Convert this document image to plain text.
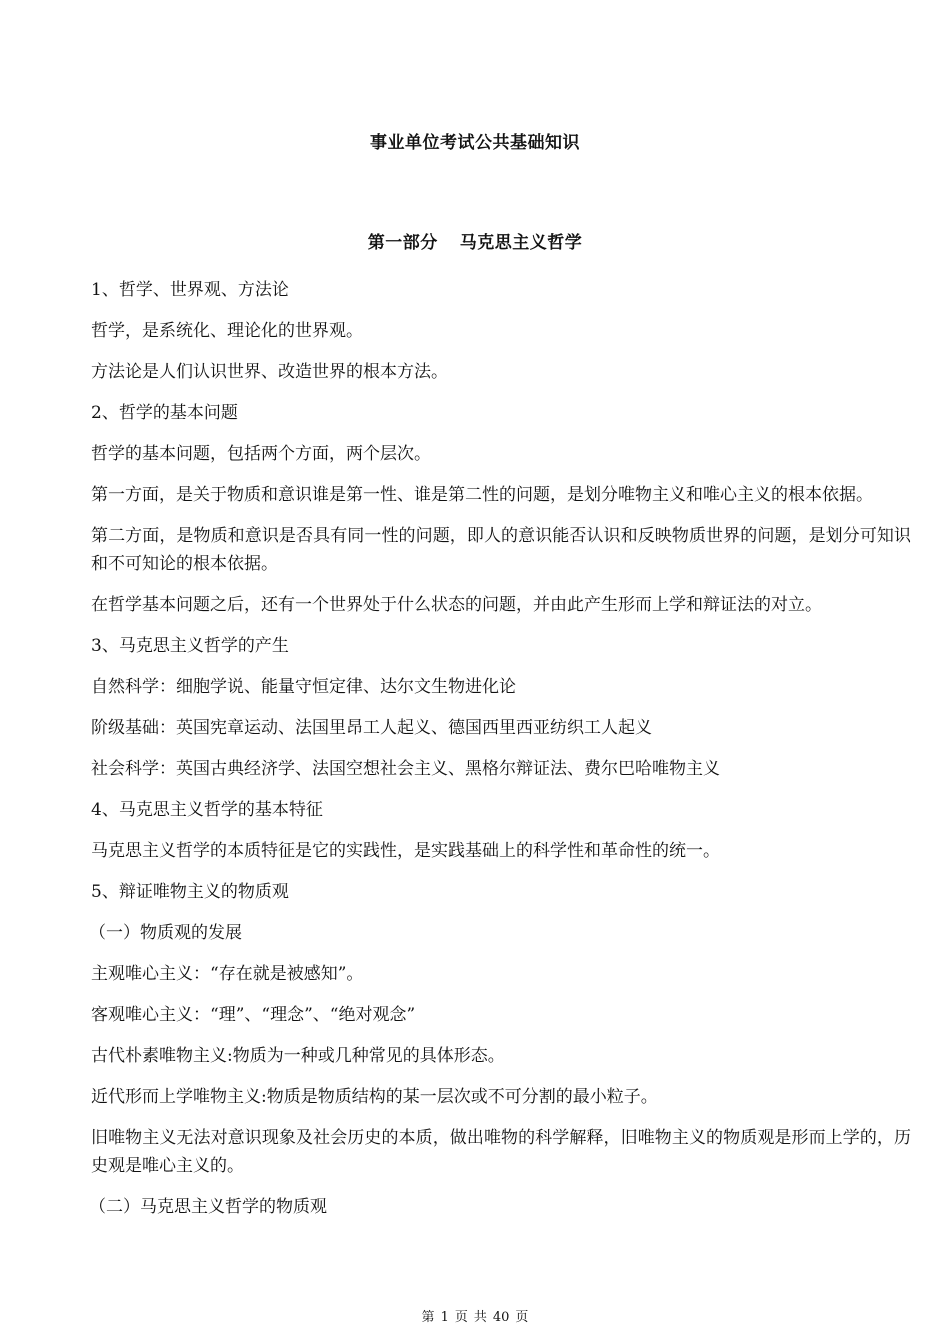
事业单位考试公共基础知识
第一部分 马克思主义哲学

1、哲学、世界观、方法论

哲学，是系统化、理论化的世界观。

方法论是人们认识世界、改造世界的根本方法。

2、哲学的基本问题

哲学的基本问题，包括两个方面，两个层次。

第一方面，是关于物质和意识谁是第一性、谁是第二性的问题，是划分唯物主义和唯心主义的根本依据。

第二方面，是物质和意识是否具有同一性的问题，即人的意识能否认识和反映物质世界的问题，是划分可知识和不可知论的根本依据。

在哲学基本问题之后，还有一个世界处于什么状态的问题，并由此产生形而上学和辩证法的对立。

3、马克思主义哲学的产生

自然科学：细胞学说、能量守恒定律、达尔文生物进化论

阶级基础：英国宪章运动、法国里昂工人起义、德国西里西亚纺织工人起义

社会科学：英国古典经济学、法国空想社会主义、黑格尔辩证法、费尔巴哈唯物主义

4、马克思主义哲学的基本特征

马克思主义哲学的本质特征是它的实践性，是实践基础上的科学性和革命性的统一。

5、辩证唯物主义的物质观

（一）物质观的发展

主观唯心主义：“存在就是被感知”。

客观唯心主义：“理”、“理念”、“绝对观念”

古代朴素唯物主义:物质为一种或几种常见的具体形态。

近代形而上学唯物主义:物质是物质结构的某一层次或不可分割的最小粒子。

旧唯物主义无法对意识现象及社会历史的本质，做出唯物的科学解释，旧唯物主义的物质观是形而上学的，历史观是唯心主义的。

（二）马克思主义哲学的物质观

第 1 页 共 40 页
